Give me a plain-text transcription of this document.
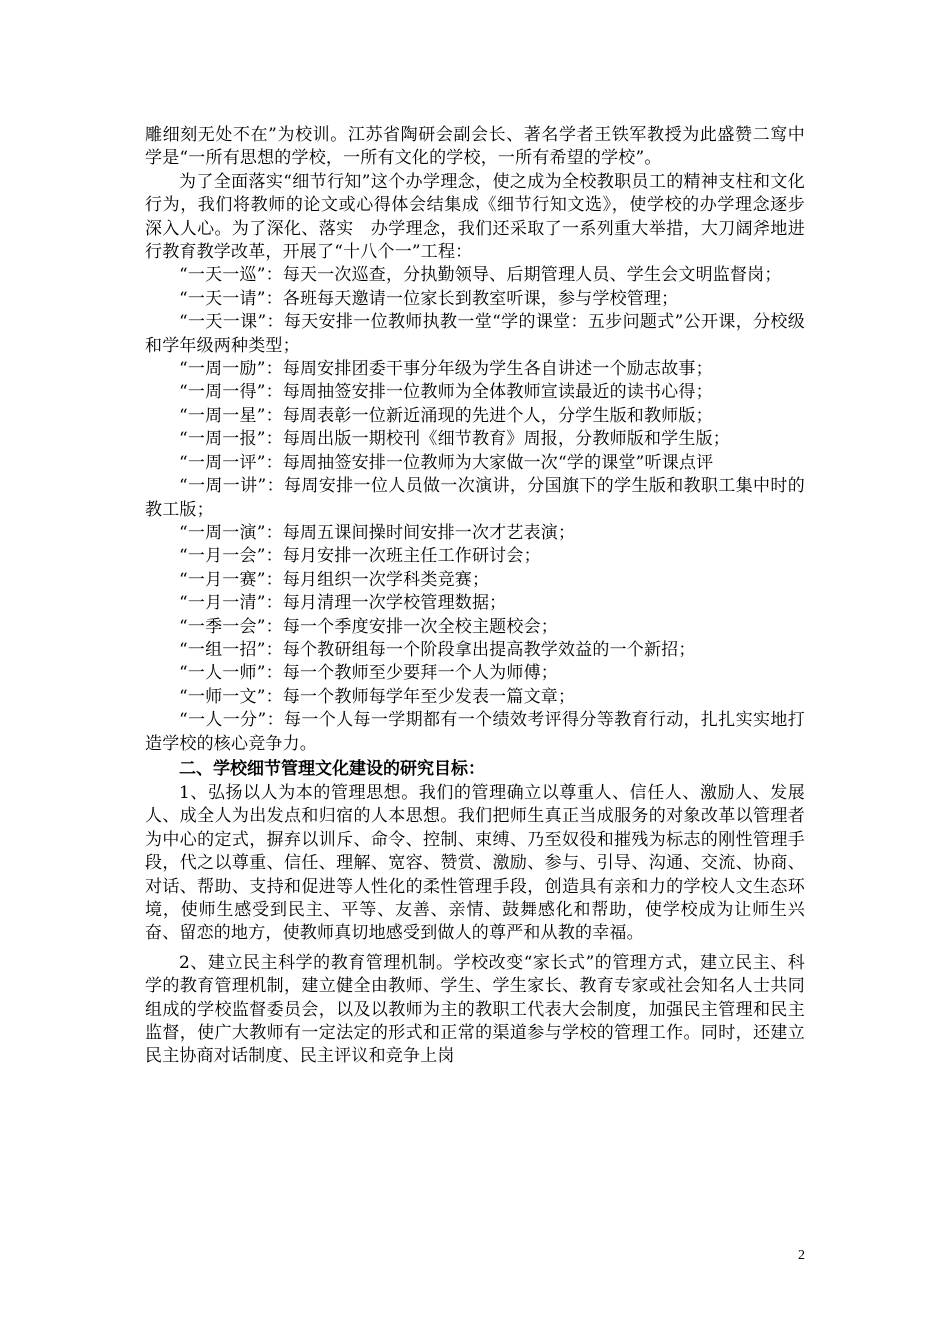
雕细刻无处不在”为校训。江苏省陶研会副会长、著名学者王铁军教授为此盛赞二窎中学是“一所有思想的学校，一所有文化的学校，一所有希望的学校”。

为了全面落实“细节行知”这个办学理念，使之成为全校教职员工的精神支柱和文化行为，我们将教师的论文或心得体会结集成《细节行知文选》，使学校的办学理念逐步深入人心。为了深化、落实　办学理念，我们还采取了一系列重大举措，大刀阔斧地进行教育教学改革，开展了“十八个一”工程：

“一天一巡”：每天一次巡查，分执勤领导、后期管理人员、学生会文明监督岗；

“一天一请”：各班每天邀请一位家长到教室听课，参与学校管理；

“一天一课”：每天安排一位教师执教一堂“学的课堂：五步问题式”公开课，分校级和学年级两种类型；

“一周一励”：每周安排团委干事分年级为学生各自讲述一个励志故事；

“一周一得”：每周抽签安排一位教师为全体教师宣读最近的读书心得；

“一周一星”：每周表彰一位新近涌现的先进个人，分学生版和教师版；

“一周一报”：每周出版一期校刊《细节教育》周报，分教师版和学生版；

“一周一评”：每周抽签安排一位教师为大家做一次“学的课堂”听课点评

“一周一讲”：每周安排一位人员做一次演讲，分国旗下的学生版和教职工集中时的教工版；

“一周一演”：每周五课间操时间安排一次才艺表演；

“一月一会”：每月安排一次班主任工作研讨会；

“一月一赛”：每月组织一次学科类竞赛；

“一月一清”：每月清理一次学校管理数据；

“一季一会”：每一个季度安排一次全校主题校会；

“一组一招”：每个教研组每一个阶段拿出提高教学效益的一个新招；

“一人一师”：每一个教师至少要拜一个人为师傅；

“一师一文”：每一个教师每学年至少发表一篇文章；

“一人一分”：每一个人每一学期都有一个绩效考评得分等教育行动，扎扎实实地打造学校的核心竞争力。

二、学校细节管理文化建设的研究目标：

1、弘扬以人为本的管理思想。我们的管理确立以尊重人、信任人、激励人、发展人、成全人为出发点和归宿的人本思想。我们把师生真正当成服务的对象改革以管理者为中心的定式，摒弃以训斥、命令、控制、束缚、乃至奴役和摧残为标志的刚性管理手段，代之以尊重、信任、理解、宽容、赞赏、激励、参与、引导、沟通、交流、协商、对话、帮助、支持和促进等人性化的柔性管理手段，创造具有亲和力的学校人文生态环境，使师生感受到民主、平等、友善、亲情、鼓舞感化和帮助，使学校成为让师生兴奋、留恋的地方，使教师真切地感受到做人的尊严和从教的幸福。

2、建立民主科学的教育管理机制。学校改变“家长式”的管理方式，建立民主、科学的教育管理机制，建立健全由教师、学生、学生家长、教育专家或社会知名人士共同组成的学校监督委员会，以及以教师为主的教职工代表大会制度，加强民主管理和民主监督，使广大教师有一定法定的形式和正常的渠道参与学校的管理工作。同时，还建立民主协商对话制度、民主评议和竞争上岗

2
